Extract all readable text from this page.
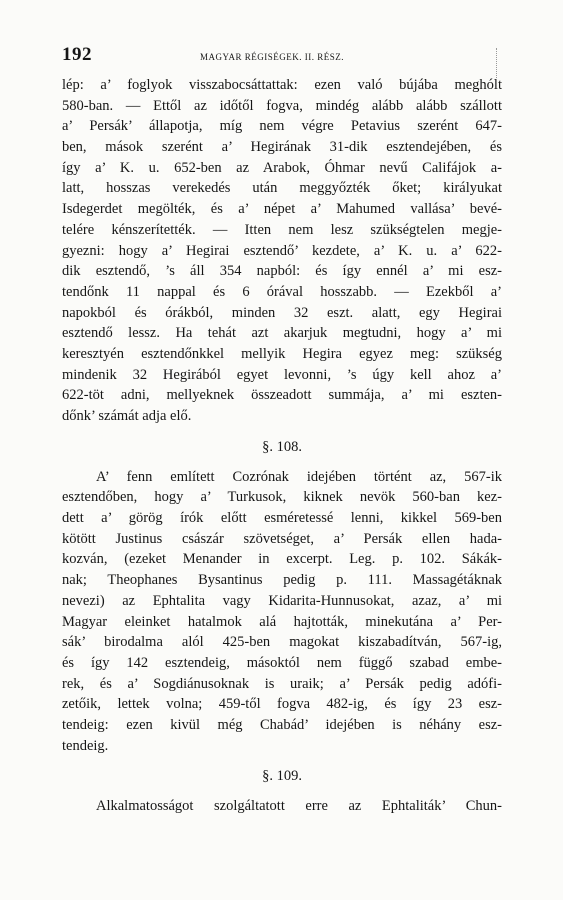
192	MAGYAR RÉGISÉGEK. II. RÉSZ.
lép: a’ foglyok visszabocsáttattak: ezen való bújába meghólt
580-ban. — Ettől az időtől fogva, mindég alább alább szállott
a’ Persák’ állapotja, míg nem végre Petavius szerént 647-
ben, mások szerént a’ Hegirának 31-dik esztendejében, és
így a’ K. u. 652-ben az Arabok, Óhmar nevű Califájok a-
latt, hosszas verekedés után meggyőzték őket; királyukat
Isdegerdet megölték, és a’ népet a’ Mahumed vallása’ bevé-
telére kénszerítették. — Itten nem lesz szükségtelen megje-
gyezni: hogy a’ Hegirai esztendő’ kezdete, a’ K. u. a’ 622-
dik esztendő, ’s áll 354 napból: és így ennél a’ mi esz-
tendőnk 11 nappal és 6 órával hosszabb. — Ezekből a’
napokból és órákból, minden 32 eszt. alatt, egy Hegirai
esztendő lessz. Ha tehát azt akarjuk megtudni, hogy a’ mi
keresztyén esztendőnkkel mellyik Hegira egyez meg: szükség
mindenik 32 Hegirából egyet levonni, ’s úgy kell ahoz a’
622-töt adni, mellyeknek összeadott summája, a’ mi eszten-
dőnk’ számát adja elő.
§. 108.
A’ fenn említett Cozrónak idejében történt az, 567-ik
esztendőben, hogy a’ Turkusok, kiknek nevök 560-ban kez-
dett a’ görög írók előtt esméretessé lenni, kikkel 569-ben
kötött Justinus császár szövetséget, a’ Persák ellen hada-
kozván, (ezeket Menander in excerpt. Leg. p. 102. Sákák-
nak; Theophanes Bysantinus pedig p. 111. Massagétáknak
nevezi) az Ephtalita vagy Kidarita-Hunnusokat, azaz, a’ mi
Magyar eleinket hatalmok alá hajtották, minekutána a’ Per-
sák’ birodalma alól 425-ben magokat kiszabadítván, 567-ig,
és így 142 esztendeig, másoktól nem függő szabad embe-
rek, és a’ Sogdiánusoknak is uraik; a’ Persák pedig adófi-
zetőik, lettek volna; 459-től fogva 482-ig, és így 23 esz-
tendeig: ezen kivül még Chabád’ idejében is néhány esz-
tendeig.
§. 109.
Alkalmatosságot szolgáltatott erre az Ephtaliták’ Chun-
